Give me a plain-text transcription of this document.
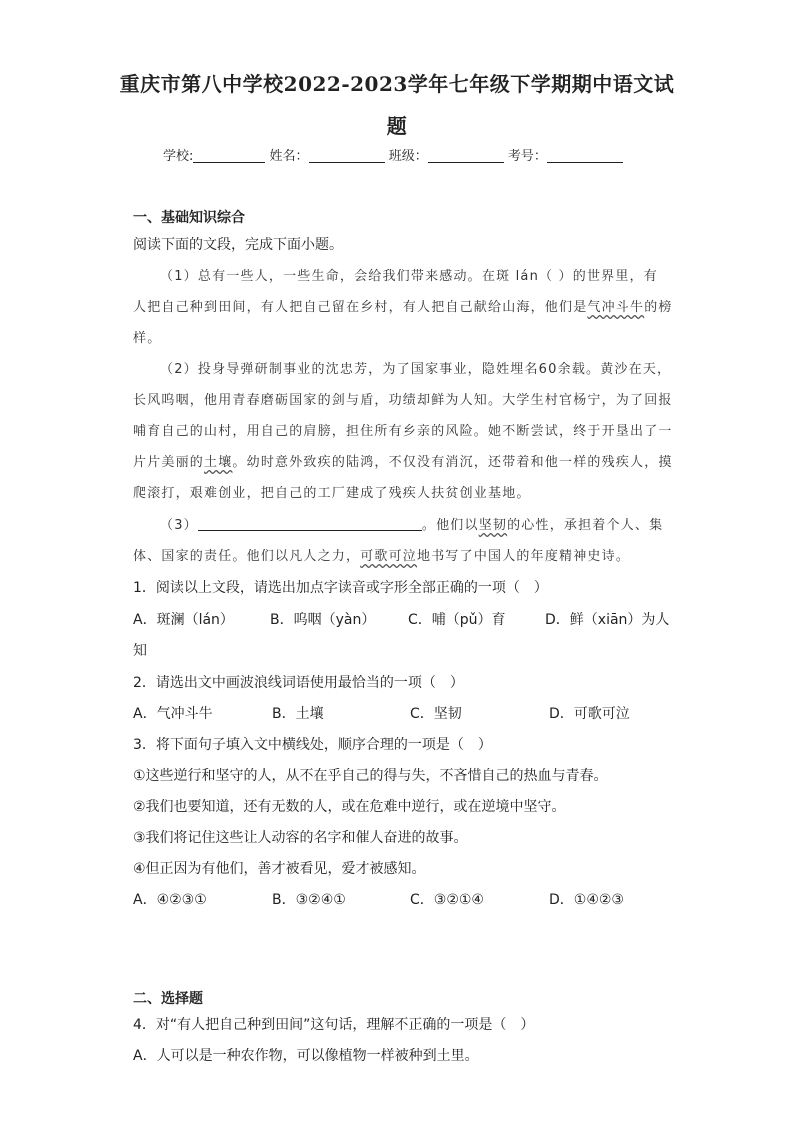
重庆市第八中学校2022-2023学年七年级下学期期中语文试
题
学校:	姓名：	班级：	考号：
一、基础知识综合
阅读下面的文段，完成下面小题。
（1）总有一些人，一些生命，会给我们带来感动。在斑 lán（ ）的世界里，有
人把自己种到田间，有人把自己留在乡村，有人把自己献给山海，他们是气冲斗牛的榜
样。
（2）投身导弹研制事业的沈忠芳，为了国家事业，隐姓埋名60余载。黄沙在天，
长风呜咽，他用青春磨砺国家的剑与盾，功绩却鲜为人知。大学生村官杨宁，为了回报
哺育自己的山村，用自己的肩膀，担住所有乡亲的风险。她不断尝试，终于开垦出了一
片片美丽的土壤。幼时意外致疾的陆鸿，不仅没有消沉，还带着和他一样的残疾人，摸
爬滚打，艰难创业，把自己的工厂建成了残疾人扶贫创业基地。
（3）	。他们以坚韧的心性，承担着个人、集
体、国家的责任。他们以凡人之力，可歌可泣地书写了中国人的年度精神史诗。
1．阅读以上文段，请选出加点字读音或字形全部正确的一项（　）
A．斑澜（lán）	B．呜咽（yàn） C．哺（pǔ）育	D．鲜（xiān）为人
知
2．请选出文中画波浪线词语使用最恰当的一项（　）
A．气冲斗牛	B．土壤	C．坚韧	D．可歌可泣
3．将下面句子填入文中横线处，顺序合理的一项是（　）
①这些逆行和坚守的人，从不在乎自己的得与失，不吝惜自己的热血与青春。
②我们也要知道，还有无数的人，或在危难中逆行，或在逆境中坚守。
③我们将记住这些让人动容的名字和催人奋进的故事。
④但正因为有他们，善才被看见，爱才被感知。
A．④②③①	B．③②④①	C．③②①④	D．①④②③
二、选择题
4．对“有人把自己种到田间”这句话，理解不正确的一项是（　）
A．人可以是一种农作物，可以像植物一样被种到土里。
